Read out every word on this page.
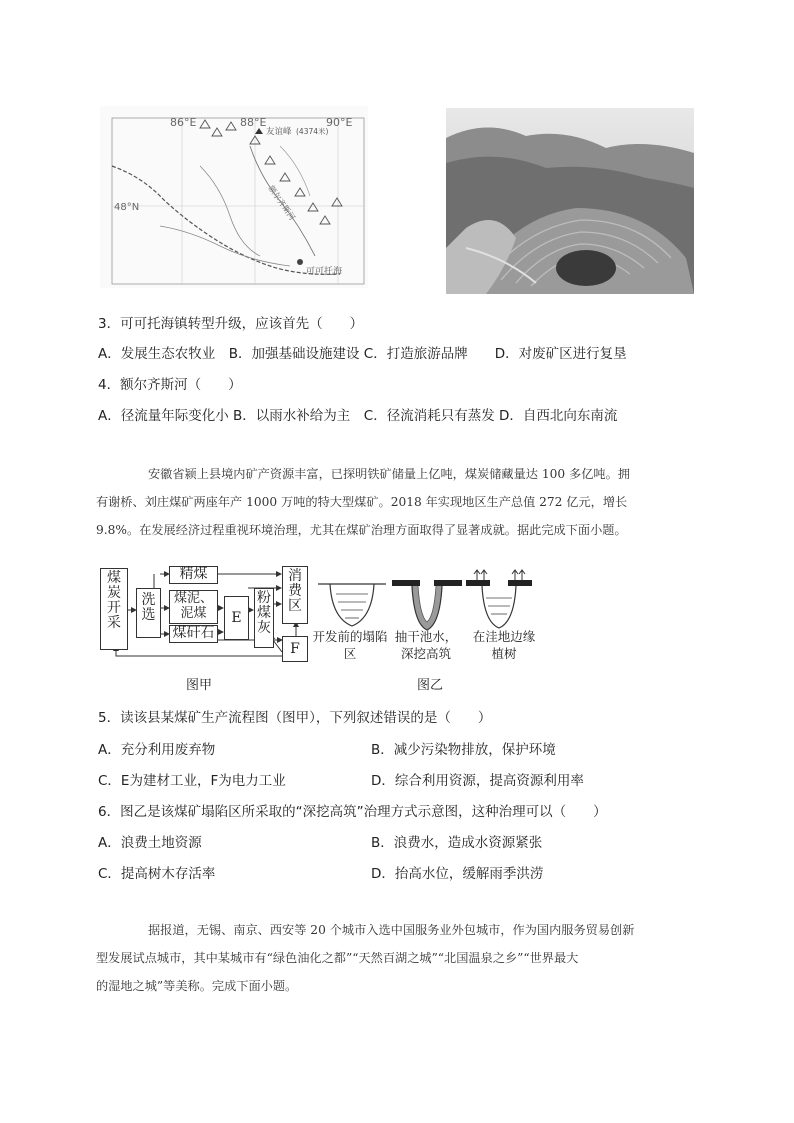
86°E	88°E	90°E
48°N
友谊峰 (4374米)
额尔齐斯河
可可托海
3．可可托海镇转型升级，应该首先（　　）
A．发展生态农牧业　B．加强基础设施建设 C．打造旅游品牌　　D．对废矿区进行复垦
4．额尔齐斯河（　　）
A．径流量年际变化小 B．以雨水补给为主　C．径流消耗只有蒸发 D．自西北向东南流

安徽省颍上县境内矿产资源丰富，已探明铁矿储量上亿吨，煤炭储藏量达 100 多亿吨。拥

有谢桥、刘庄煤矿两座年产 1000 万吨的特大型煤矿。2018 年实现地区生产总值 272 亿元，增长

9.8%。在发展经济过程重视环境治理，尤其在煤矿治理方面取得了显著成就。据此完成下面小题。

煤炭开采
洗选
精煤
煤泥、泥煤
煤矸石
E
粉煤灰
消费区
F
图甲
开发前的塌陷区
抽干池水，深挖高筑
在洼地边缘植树
图乙
5．读该县某煤矿生产流程图（图甲），下列叙述错误的是（　　）
A．充分利用废弃物	B．减少污染物排放，保护环境
C．E为建材工业，F为电力工业	D．综合利用资源，提高资源利用率
6．图乙是该煤矿塌陷区所采取的“深挖高筑”治理方式示意图，这种治理可以（　　）
A．浪费土地资源	B．浪费水，造成水资源紧张
C．提高树木存活率	D．抬高水位，缓解雨季洪涝

据报道，无锡、南京、西安等 20 个城市入选中国服务业外包城市，作为国内服务贸易创新

型发展试点城市，其中某城市有“绿色油化之都”“天然百湖之城”“北国温泉之乡”“世界最大

的湿地之城”等美称。完成下面小题。
